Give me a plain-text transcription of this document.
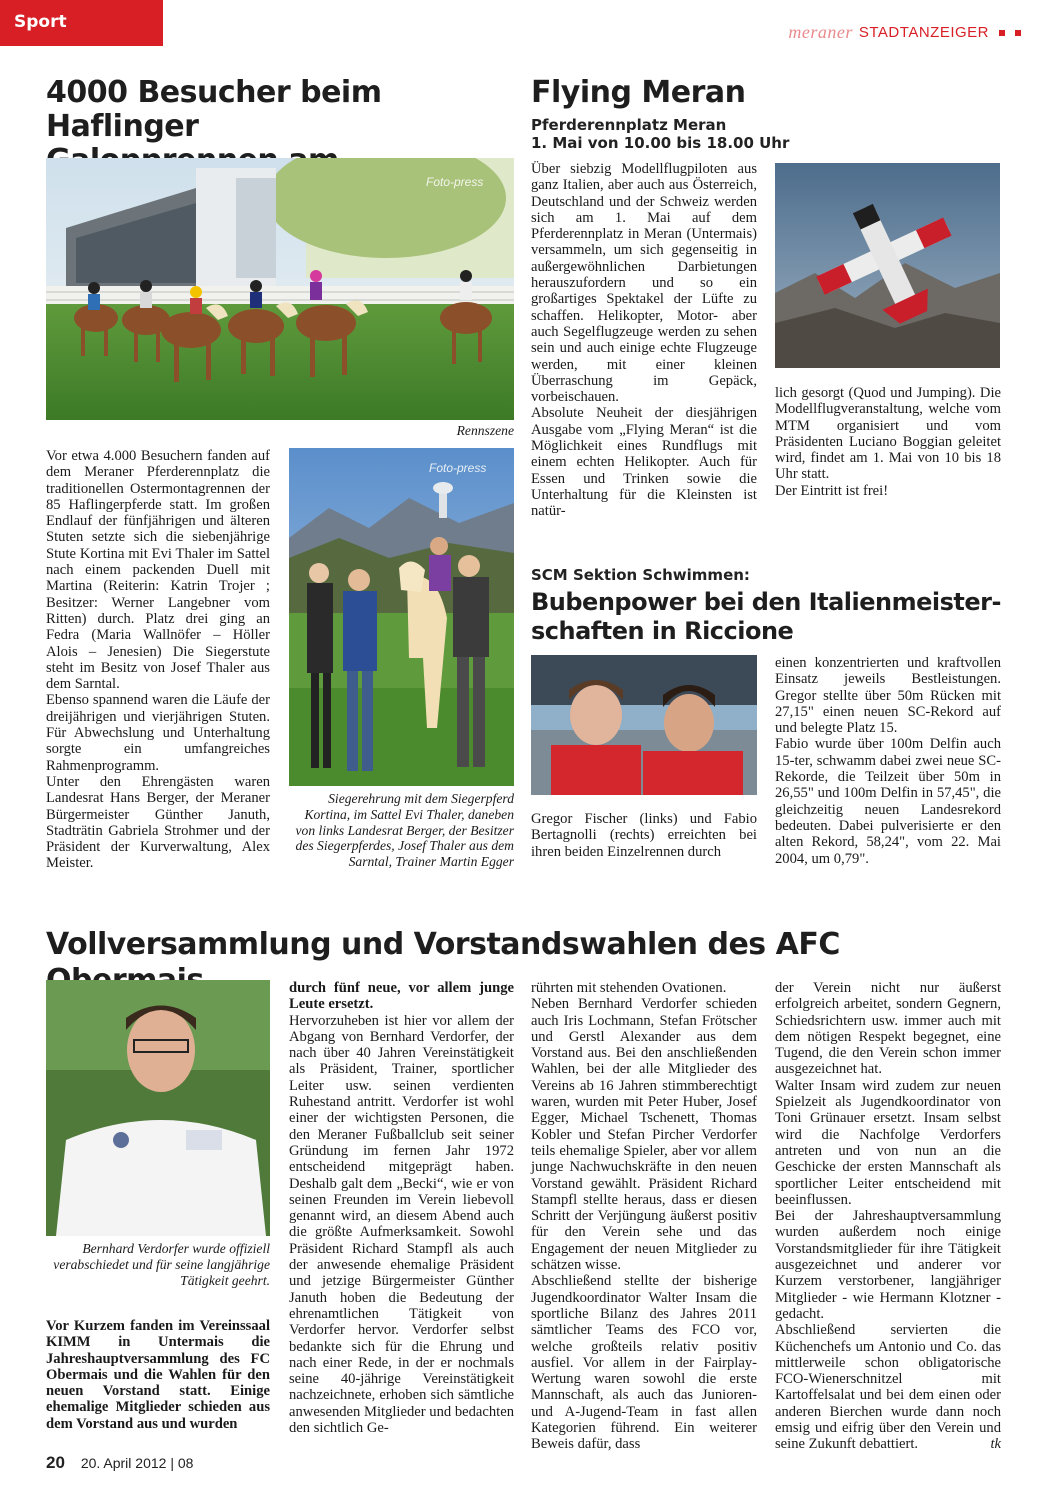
Sport	meraner STADTANZEIGER
4000 Besucher beim Haflinger
Foto-press
Rennszene

Vor etwa 4.000 Besuchern fanden auf dem Meraner Pferderennplatz die traditionellen Ostermontagrennen der 85 Haflingerpferde statt. Im großen Endlauf der fünfjährigen und älteren Stuten setzte sich die siebenjährige Stute Kortina mit Evi Thaler im Sattel nach einem packenden Duell mit Martina (Reiterin: Katrin Trojer ; Besitzer: Werner Langebner vom Ritten) durch. Platz drei ging an Fedra (Maria Wallnöfer – Höller Alois – Jenesien) Die Siegerstute steht im Besitz von Josef Thaler aus dem Sarntal.

Ebenso spannend waren die Läufe der dreijährigen und vierjährigen Stuten. Für Abwechslung und Unterhaltung sorgte ein umfangreiches Rahmenprogramm.

Unter den Ehrengästen waren Landesrat Hans Berger, der Meraner Bürgermeister Günther Januth, Stadträtin Gabriela Strohmer und der Präsident der Kurverwaltung, Alex Meister.

Foto-press
Siegerehrung mit dem Siegerpferd Kortina, im Sattel Evi Thaler, daneben von links Landesrat Berger, der Besitzer des Siegerpferdes, Josef Thaler aus dem Sarntal, Trainer Martin Egger
Flying Meran
Pferderennplatz Meran
1. Mai von 10.00 bis 18.00 Uhr

Über siebzig Modellflugpiloten aus ganz Italien, aber auch aus Österreich, Deutschland und der Schweiz werden sich am 1. Mai auf dem Pferderennplatz in Meran (Untermais) versammeln, um sich gegenseitig in außergewöhnlichen Darbietungen herauszufordern und so ein großartiges Spektakel der Lüfte zu schaffen. Helikopter, Motor- aber auch Segelflugzeuge werden zu sehen sein und auch einige echte Flugzeuge werden, mit einer kleinen Überraschung im Gepäck, vorbeischauen.

Absolute Neuheit der diesjährigen Ausgabe vom „Flying Meran“ ist die Möglichkeit eines Rundflugs mit einem echten Helikopter. Auch für Essen und Trinken sowie die Unterhaltung für die Kleinsten ist natür-

lich gesorgt (Quod und Jumping). Die Modellflugveranstaltung, welche vom MTM organisiert und vom Präsidenten Luciano Boggian geleitet wird, findet am 1. Mai von 10 bis 18 Uhr statt.

Der Eintritt ist frei!

SCM Sektion Schwimmen:
Bubenpower bei den Italienmeister-
schaften in Riccione

Gregor Fischer (links) und Fabio Bertagnolli (rechts) erreichten bei ihren beiden Einzelrennen durch

einen konzentrierten und kraftvollen Einsatz jeweils Bestleistungen. Gregor stellte über 50m Rücken mit 27,15" einen neuen SC-Rekord auf und belegte Platz 15.

Fabio wurde über 100m Delfin auch 15-ter, schwamm dabei zwei neue SC-Rekorde, die Teilzeit über 50m in 26,55" und 100m Delfin in 57,45", die gleichzeitig neuen Landesrekord bedeuten. Dabei pulverisierte er den alten Rekord, 58,24", vom 22. Mai 2004, um 0,79".

Vollversammlung und Vorstandswahlen des AFC
Bernhard Verdorfer wurde offiziell verabschiedet und für seine langjährige Tätigkeit geehrt.
Vor Kurzem fanden im Vereinssaal KIMM in Untermais die Jahreshauptversammlung des FC Obermais und die Wahlen für den neuen Vorstand statt. Einige ehemalige Mitglieder schieden aus dem Vorstand aus und wurden

durch fünf neue, vor allem junge Leute ersetzt.

Hervorzuheben ist hier vor allem der Abgang von Bernhard Verdorfer, der nach über 40 Jahren Vereinstätigkeit als Präsident, Trainer, sportlicher Leiter usw. seinen verdienten Ruhestand antritt. Verdorfer ist wohl einer der wichtigsten Personen, die den Meraner Fußballclub seit seiner Gründung im fernen Jahr 1972 entscheidend mitgeprägt haben. Deshalb galt dem „Becki“, wie er von seinen Freunden im Verein liebevoll genannt wird, an diesem Abend auch die größte Aufmerksamkeit. Sowohl Präsident Richard Stampfl als auch der anwesende ehemalige Präsident und jetzige Bürgermeister Günther Januth hoben die Bedeutung der ehrenamtlichen Tätigkeit von Verdorfer hervor. Verdorfer selbst bedankte sich für die Ehrung und nach einer Rede, in der er nochmals seine 40-jährige Vereinstätigkeit nachzeichnete, erhoben sich sämtliche anwesenden Mitglieder und bedachten den sichtlich Ge-

rührten mit stehenden Ovationen.

Neben Bernhard Verdorfer schieden auch Iris Lochmann, Stefan Frötscher und Gerstl Alexander aus dem Vorstand aus. Bei den anschließenden Wahlen, bei der alle Mitglieder des Vereins ab 16 Jahren stimmberechtigt waren, wurden mit Peter Huber, Josef Egger, Michael Tschenett, Thomas Kobler und Stefan Pircher Verdorfer teils ehemalige Spieler, aber vor allem junge Nachwuchskräfte in den neuen Vorstand gewählt. Präsident Richard Stampfl stellte heraus, dass er diesen Schritt der Verjüngung äußerst positiv für den Verein sehe und das Engagement der neuen Mitglieder zu schätzen wisse.

Abschließend stellte der bisherige Jugendkoordinator Walter Insam die sportliche Bilanz des Jahres 2011 sämtlicher Teams des FCO vor, welche großteils relativ positiv ausfiel. Vor allem in der Fairplay-Wertung waren sowohl die erste Mannschaft, als auch das Junioren- und A-Jugend-Team in fast allen Kategorien führend. Ein weiterer Beweis dafür, dass

der Verein nicht nur äußerst erfolgreich arbeitet, sondern Gegnern, Schiedsrichtern usw. immer auch mit dem nötigen Respekt begegnet, eine Tugend, die den Verein schon immer ausgezeichnet hat.

Walter Insam wird zudem zur neuen Spielzeit als Jugendkoordinator von Toni Grünauer ersetzt. Insam selbst wird die Nachfolge Verdorfers antreten und von nun an die Geschicke der ersten Mannschaft als sportlicher Leiter entscheidend mit beeinflussen.

Bei der Jahreshauptversammlung wurden außerdem noch einige Vorstandsmitglieder für ihre Tätigkeit ausgezeichnet und anderer vor Kurzem verstorbener, langjähriger Mitglieder - wie Hermann Klotzner - gedacht.

Abschließend servierten die Küchenchefs um Antonio und Co. das mittlerweile schon obligatorische FCO-Wienerschnitzel mit Kartoffelsalat und bei dem einen oder anderen Bierchen wurde dann noch emsig und eifrig über den Verein und seine Zukunft debattiert.	tk

20 20. April 2012 | 08
